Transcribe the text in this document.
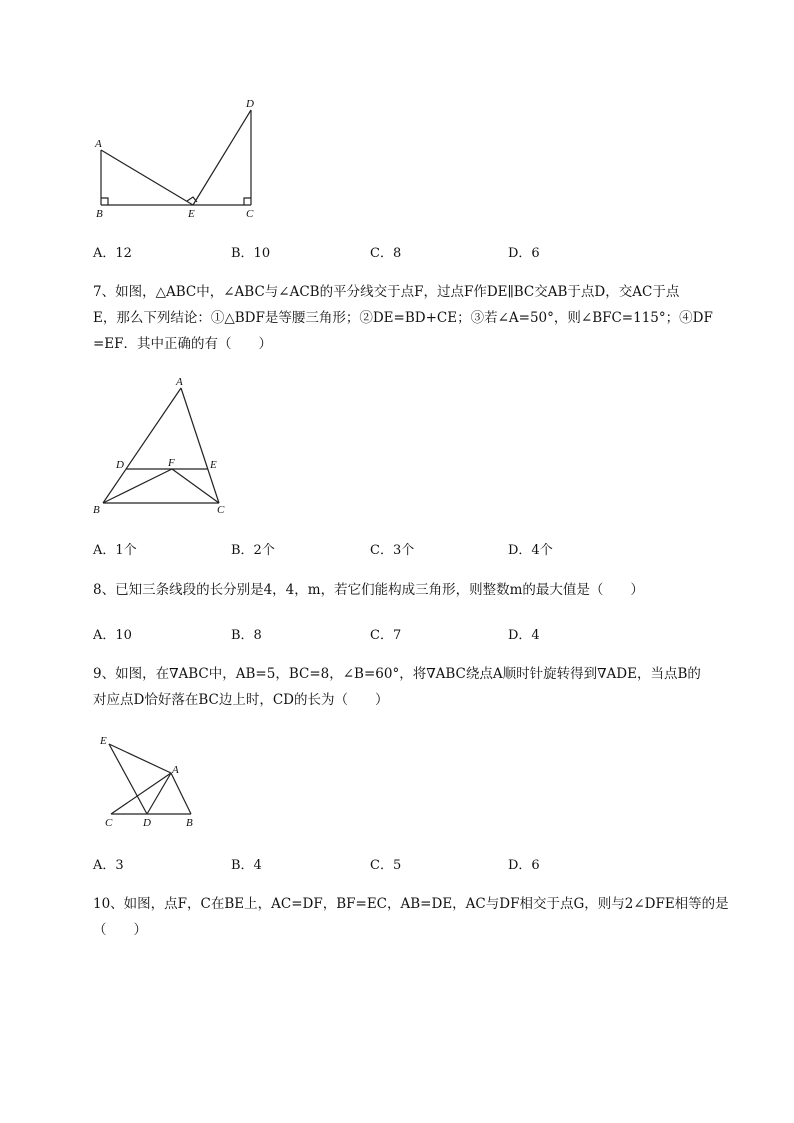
A
B	C
D
E
A．12	B．10	C．8	D．6
7、如图，△ABC中，∠ABC与∠ACB的平分线交于点F，过点F作DE∥BC交AB于点D，交AC于点
E，那么下列结论：①△BDF是等腰三角形；②DE=BD+CE；③若∠A=50°，则∠BFC=115°；④DF
=EF．其中正确的有（　　）
A
B	C
D	E
F
A．1个	B．2个	C．3个	D．4个
8、已知三条线段的长分别是4，4，m，若它们能构成三角形，则整数m的最大值是（　　）
A．10	B．8	C．7	D．4
9、如图，在∇ABC中，AB=5，BC=8，∠B=60°，将∇ABC绕点A顺时针旋转得到∇ADE，当点B的
对应点D恰好落在BC边上时，CD的长为（　　）
E
A
C	D	B
A．3	B．4	C．5	D．6
10、如图，点F，C在BE上，AC=DF，BF=EC，AB=DE，AC与DF相交于点G，则与2∠DFE相等的是
（　　）
